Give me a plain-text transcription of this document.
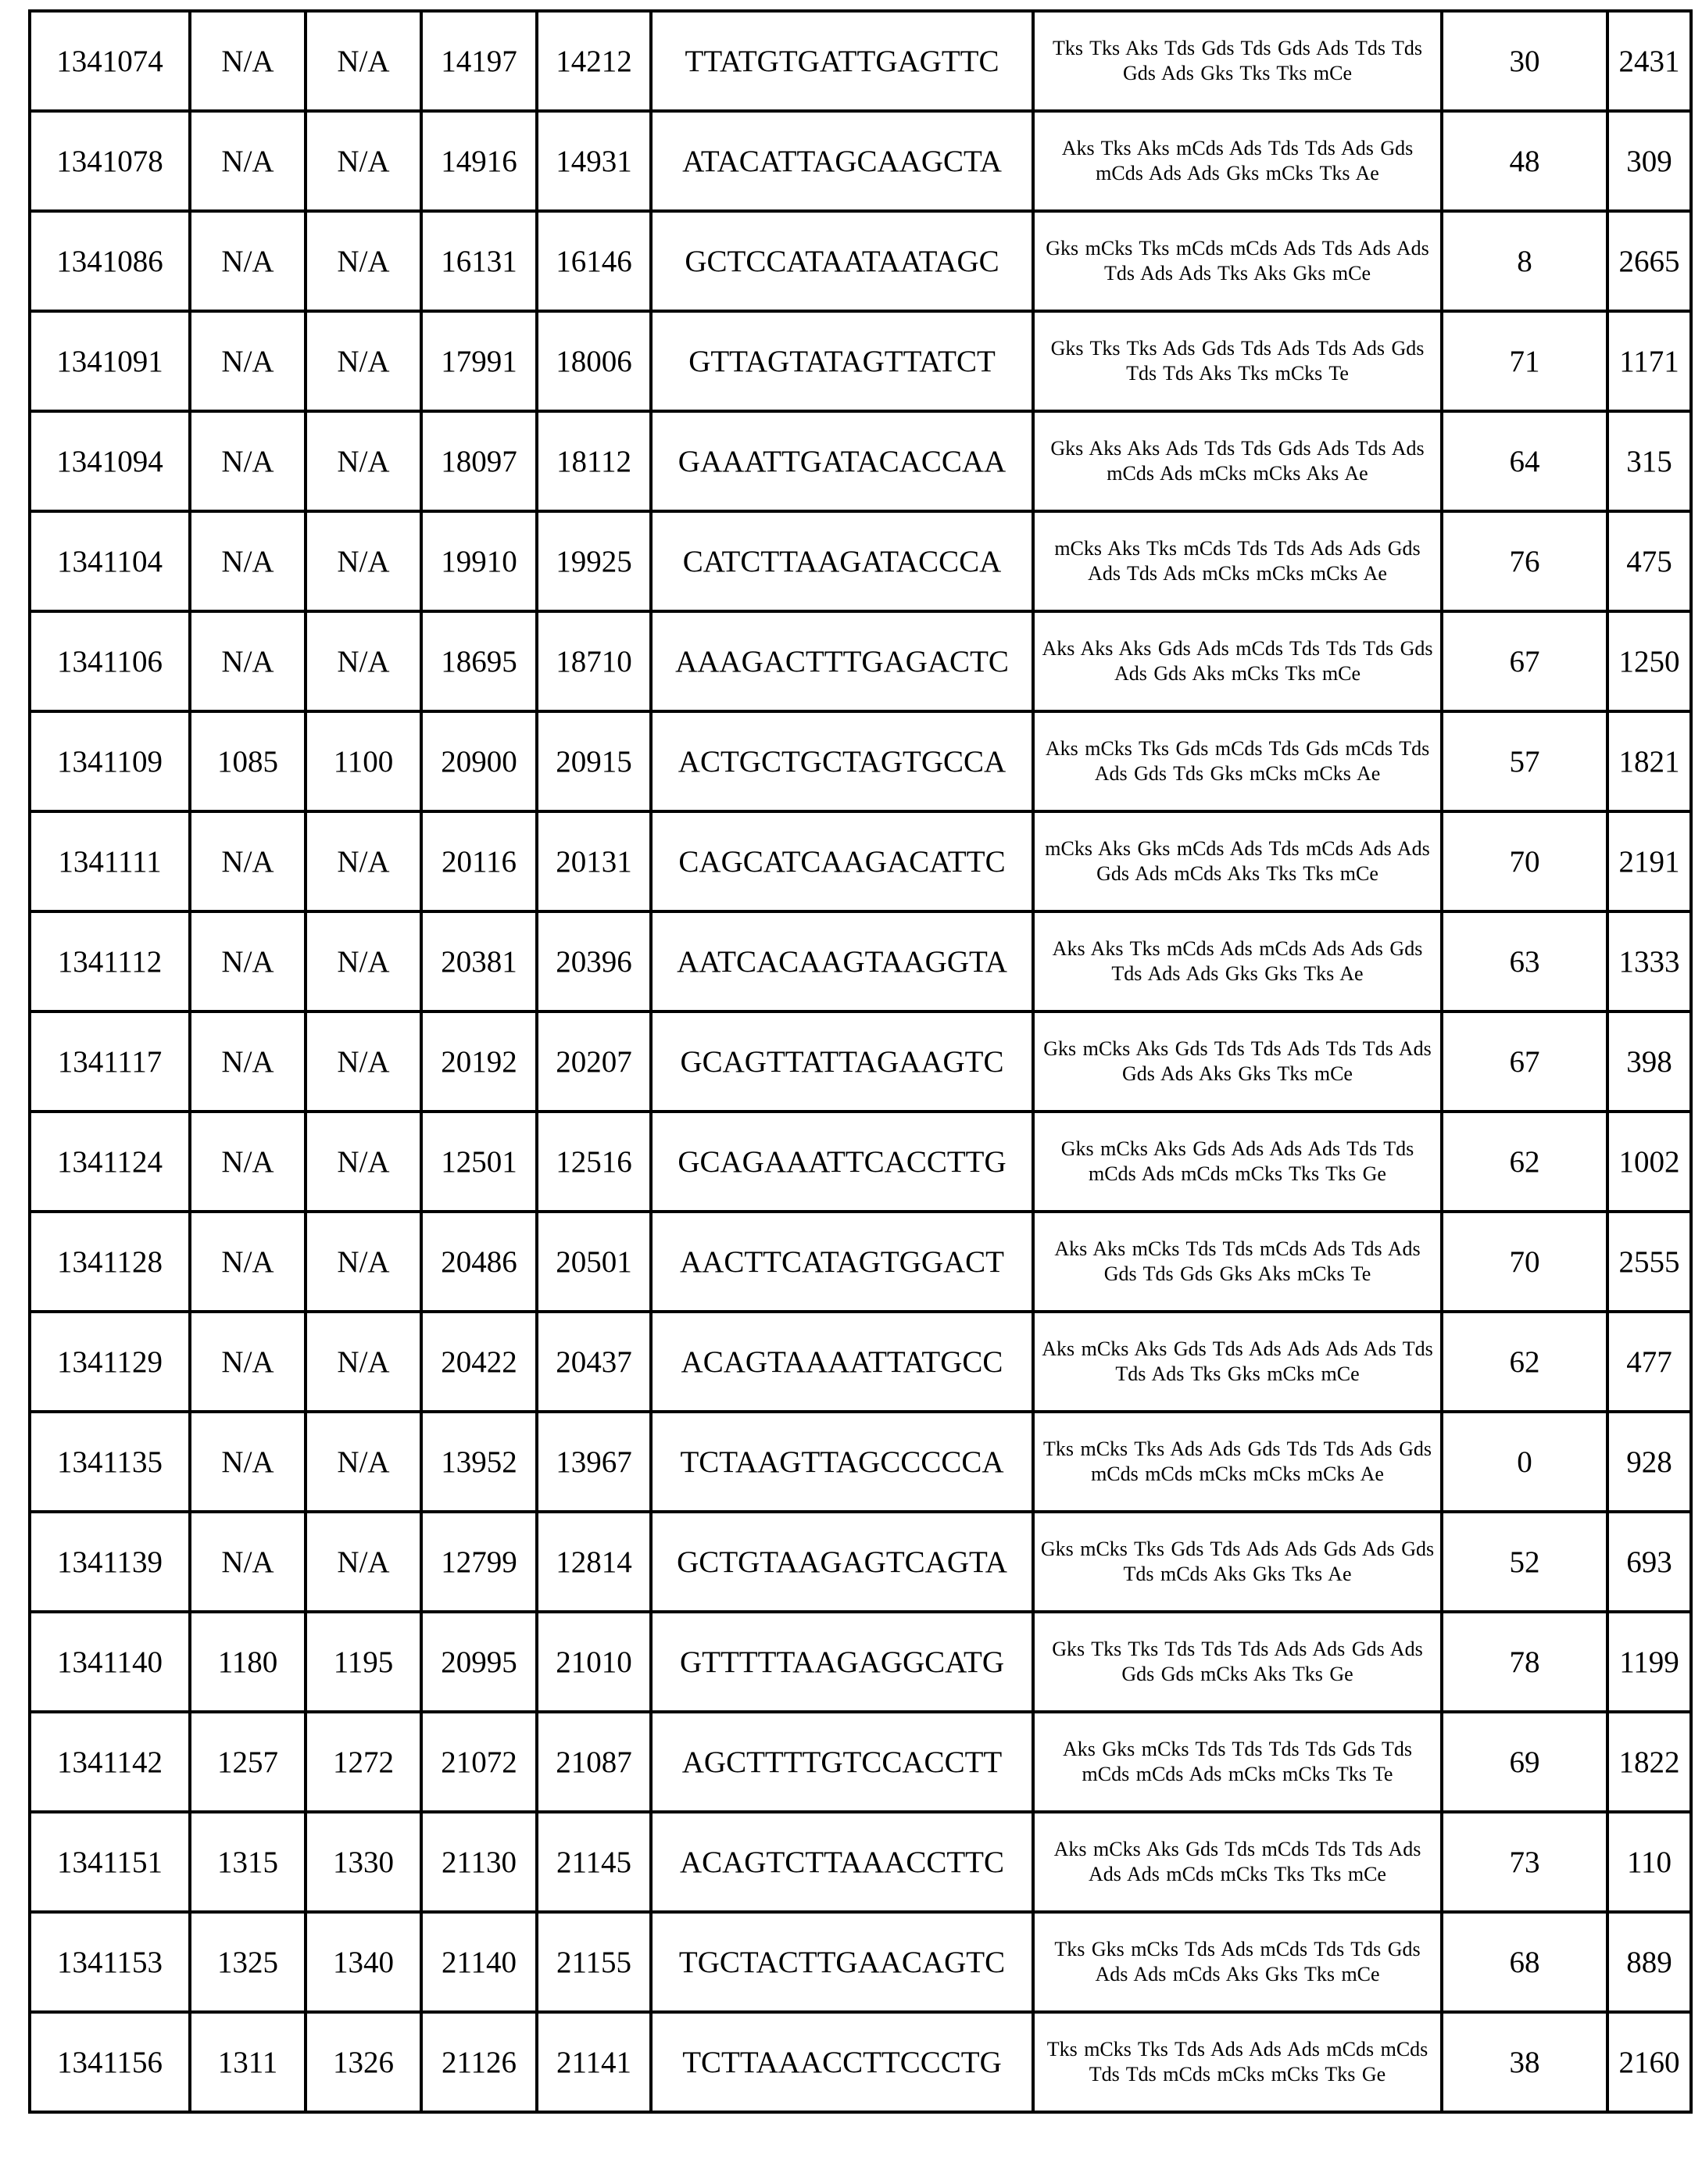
1341074	N/A	N/A	14197	14212	TTATGTGATTGAGTTC	Tks Tks Aks Tds Gds Tds Gds Ads Tds Tds Gds Ads Gks Tks Tks mCe	30	2431
1341078	N/A	N/A	14916	14931	ATACATTAGCAAGCTA	Aks Tks Aks mCds Ads Tds Tds Ads Gds mCds Ads Ads Gks mCks Tks Ae	48	309
1341086	N/A	N/A	16131	16146	GCTCCATAATAATAGC	Gks mCks Tks mCds mCds Ads Tds Ads Ads Tds Ads Ads Tks Aks Gks mCe	8	2665
1341091	N/A	N/A	17991	18006	GTTAGTATAGTTATCT	Gks Tks Tks Ads Gds Tds Ads Tds Ads Gds Tds Tds Aks Tks mCks Te	71	1171
1341094	N/A	N/A	18097	18112	GAAATTGATACACCAA	Gks Aks Aks Ads Tds Tds Gds Ads Tds Ads mCds Ads mCks mCks Aks Ae	64	315
1341104	N/A	N/A	19910	19925	CATCTTAAGATACCCA	mCks Aks Tks mCds Tds Tds Ads Ads Gds Ads Tds Ads mCks mCks mCks Ae	76	475
1341106	N/A	N/A	18695	18710	AAAGACTTTGAGACTC	Aks Aks Aks Gds Ads mCds Tds Tds Tds Gds Ads Gds Aks mCks Tks mCe	67	1250
1341109	1085	1100	20900	20915	ACTGCTGCTAGTGCCA	Aks mCks Tks Gds mCds Tds Gds mCds Tds Ads Gds Tds Gks mCks mCks Ae	57	1821
1341111	N/A	N/A	20116	20131	CAGCATCAAGACATTC	mCks Aks Gks mCds Ads Tds mCds Ads Ads Gds Ads mCds Aks Tks Tks mCe	70	2191
1341112	N/A	N/A	20381	20396	AATCACAAGTAAGGTA	Aks Aks Tks mCds Ads mCds Ads Ads Gds Tds Ads Ads Gks Gks Tks Ae	63	1333
1341117	N/A	N/A	20192	20207	GCAGTTATTAGAAGTC	Gks mCks Aks Gds Tds Tds Ads Tds Tds Ads Gds Ads Aks Gks Tks mCe	67	398
1341124	N/A	N/A	12501	12516	GCAGAAATTCACCTTG	Gks mCks Aks Gds Ads Ads Ads Tds Tds mCds Ads mCds mCks Tks Tks Ge	62	1002
1341128	N/A	N/A	20486	20501	AACTTCATAGTGGACT	Aks Aks mCks Tds Tds mCds Ads Tds Ads Gds Tds Gds Gks Aks mCks Te	70	2555
1341129	N/A	N/A	20422	20437	ACAGTAAAATTATGCC	Aks mCks Aks Gds Tds Ads Ads Ads Ads Tds Tds Ads Tks Gks mCks mCe	62	477
1341135	N/A	N/A	13952	13967	TCTAAGTTAGCCCCCA	Tks mCks Tks Ads Ads Gds Tds Tds Ads Gds mCds mCds mCks mCks mCks Ae	0	928
1341139	N/A	N/A	12799	12814	GCTGTAAGAGTCAGTA	Gks mCks Tks Gds Tds Ads Ads Gds Ads Gds Tds mCds Aks Gks Tks Ae	52	693
1341140	1180	1195	20995	21010	GTTTTTAAGAGGCATG	Gks Tks Tks Tds Tds Tds Ads Ads Gds Ads Gds Gds mCks Aks Tks Ge	78	1199
1341142	1257	1272	21072	21087	AGCTTTTGTCCACCTT	Aks Gks mCks Tds Tds Tds Tds Gds Tds mCds mCds Ads mCks mCks Tks Te	69	1822
1341151	1315	1330	21130	21145	ACAGTCTTAAACCTTC	Aks mCks Aks Gds Tds mCds Tds Tds Ads Ads Ads mCds mCks Tks Tks mCe	73	110
1341153	1325	1340	21140	21155	TGCTACTTGAACAGTC	Tks Gks mCks Tds Ads mCds Tds Tds Gds Ads Ads mCds Aks Gks Tks mCe	68	889
1341156	1311	1326	21126	21141	TCTTAAACCTTCCCTG	Tks mCks Tks Tds Ads Ads Ads mCds mCds Tds Tds mCds mCks mCks Tks Ge	38	2160
